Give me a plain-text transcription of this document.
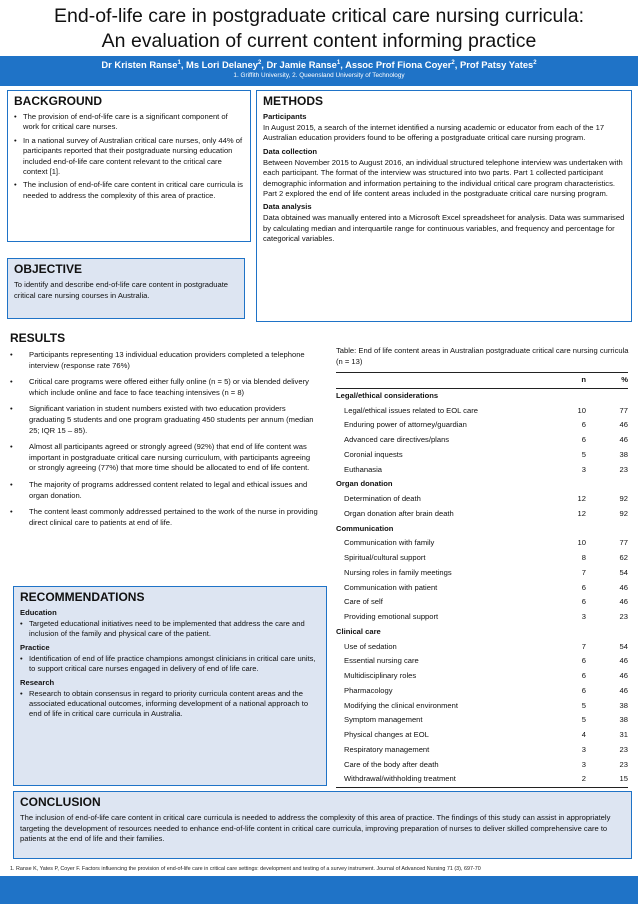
End-of-life care in postgraduate critical care nursing curricula:
An evaluation of current content informing practice
Dr Kristen Ranse$^1$, Ms Lori Delaney$^2$, Dr Jamie Ranse$^1$, Assoc Prof Fiona Coyer$^2$, Prof Patsy Yates$^2$
1. Griffith University, 2. Queensland University of Technology
BACKGROUND
• The provision of end-of-life care is a significant component of work for critical care nurses.
• In a national survey of Australian critical care nurses, only 44% of participants reported that their postgraduate nursing education included end-of-life care content relevant to the critical care context [1].
• The inclusion of end-of-life care content in critical care curricula is needed to address the complexity of this area of practice.
OBJECTIVE
To identify and describe end-of-life care content in postgraduate critical care nursing courses in Australia.
METHODS
Participants

In August 2015, a search of the internet identified a nursing academic or educator from each of the 17 Australian education providers found to be offering a postgraduate critical care nursing program.

Data collection

Between November 2015 to August 2016, an individual structured telephone interview was undertaken with each participant. The format of the interview was structured into two parts. Part 1 collected participant demographic information and information pertaining to the individual critical care program characteristics. Part 2 explored the end of life content areas included in the postgraduate critical care nursing program.

Data analysis

Data obtained was manually entered into a Microsoft Excel spreadsheet for analysis. Data was summarised by calculating median and interquartile range for continuous variables, and frequency and percentage for categorical variables.

RESULTS
• Participants representing 13 individual education providers completed a telephone interview (response rate 76%)
• Critical care programs were offered either fully online (n = 5) or via blended delivery which include online and face to face teaching intensives (n = 8)
• Significant variation in student numbers existed with two education providers graduating 5 students and one program graduating 450 students per annum (median 25; IQR 15 – 85).
• Almost all participants agreed or strongly agreed (92%) that end of life content was important in postgraduate critical care nursing curriculum, with participants agreeing or strongly agreeing (77%) that more time should be allocated to end of life content.
• The majority of programs addressed content related to legal and ethical issues and organ donation.
• The content least commonly addressed pertained to the work of the nurse in providing direct clinical care to patients at end of life.
Table: End of life content areas in Australian postgraduate critical care nursing curricula (n = 13)
	n	%
Legal/ethical considerations		
Legal/ethical issues related to EOL care	10	77
Enduring power of attorney/guardian	6	46
Advanced care directives/plans	6	46
Coronial inquests	5	38
Euthanasia	3	23
Organ donation		
Determination of death	12	92
Organ donation after brain death	12	92
Communication		
Communication with family	10	77
Spiritual/cultural support	8	62
Nursing roles in family meetings	7	54
Communication with patient	6	46
Care of self	6	46
Providing emotional support	3	23
Clinical care		
Use of sedation	7	54
Essential nursing care	6	46
Multidisciplinary roles	6	46
Pharmacology	6	46
Modifying the clinical environment	5	38
Symptom management	5	38
Physical changes at EOL	4	31
Respiratory management	3	23
Care of the body after death	3	23
Withdrawal/withholding treatment	2	15
RECOMMENDATIONS
Education
• Targeted educational initiatives need to be implemented that address the care and inclusion of the family and physical care of the patient.
Practice
• Identification of end of life practice champions amongst clinicians in critical care units, to support critical care nurses engaged in delivery of end of life care.
Research
• Research to obtain consensus in regard to priority curricula content areas and the associated educational outcomes, informing development of a national approach to end of life in critical care curricula in Australia.
CONCLUSION
The inclusion of end-of-life care content in critical care curricula is needed to address the complexity of this area of practice. The findings of this study can assist in appropriately targeting the development of resources needed to enhance end-of-life content in critical care curricula, improving preparation of nurses to deliver skilled comprehensive care to patients at the end of life and their families.
1. Ranse K, Yates P, Coyer F. Factors influencing the provision of end-of-life care in critical care settings: development and testing of a survey instrument. Journal of Advanced Nursing 71 (3), 697-70
